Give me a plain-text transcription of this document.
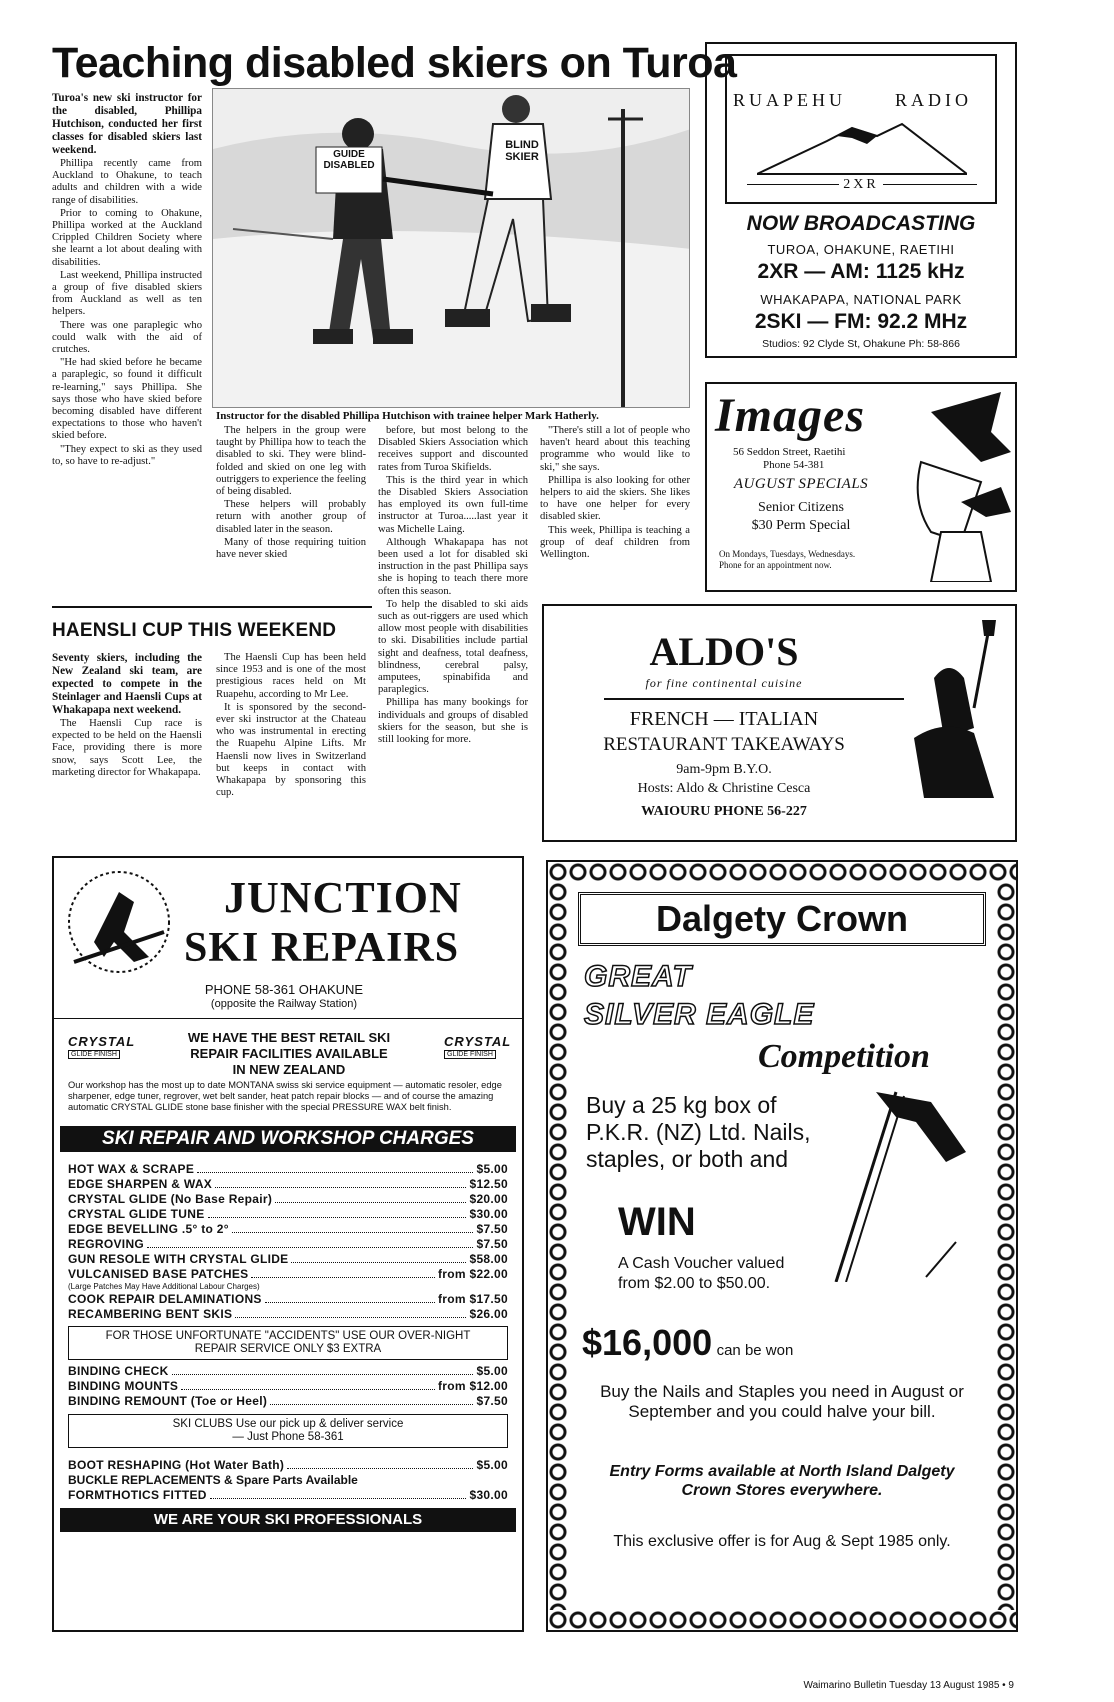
Teaching disabled skiers on Turoa

Turoa's new ski instructor for the disabled, Phillipa Hutchison, conducted her first classes for disabled skiers last weekend.

Phillipa recently came from Auckland to Ohakune, to teach adults and children with a wide range of disabilities.

Prior to coming to Ohakune, Phillipa worked at the Auckland Crippled Children Society where she learnt a lot about dealing with disabilities.

Last weekend, Phillipa instructed a group of five disabled skiers from Auckland as well as ten helpers.

There was one paraplegic who could walk with the aid of crutches.

"He had skied before he became a paraplegic, so found it difficult re-learning," says Phillipa. She says those who have skied before becoming disabled have different expectations to those who haven't skied before.

"They expect to ski as they used to, so have to re-adjust."

GUIDE
DISABLED
BLIND
SKIER
Instructor for the disabled Phillipa Hutchison with trainee helper Mark Hatherly.

The helpers in the group were taught by Phillipa how to teach the disabled to ski. They were blind-folded and skied on one leg with outriggers to experience the feeling of being disabled.

These helpers will probably return with another group of disabled later in the season.

Many of those requiring tuition have never skied

before, but most belong to the Disabled Skiers Association which receives support and discounted rates from Turoa Skifields.

This is the third year in which the Disabled Skiers Association has employed its own full-time instructor at Turoa.....last year it was Michelle Laing.

Although Whakapapa has not been used a lot for disabled ski instruction in the past Phillipa says she is hoping to teach there more often this season.

To help the disabled to ski aids such as out-riggers are used which allow most people with disabilities to ski. Disabilities include partial sight and deafness, total deafness, blindness, cerebral palsy, amputees, spinabifida and paraplegics.

Phillipa has many bookings for individuals and groups of disabled skiers for the season, but she is still looking for more.

"There's still a lot of people who haven't heard about this teaching programme who would like to ski," she says.

Phillipa is also looking for other helpers to aid the skiers. She likes to have one helper for every disabled skier.

This week, Phillipa is teaching a group of deaf children from Wellington.

HAENSLI CUP THIS WEEKEND

Seventy skiers, including the New Zealand ski team, are expected to compete in the Steinlager and Haensli Cups at Whakapapa next weekend.

The Haensli Cup race is expected to be held on the Haensli Face, providing there is more snow, says Scott Lee, the marketing director for Whakapapa.

The Haensli Cup has been held since 1953 and is one of the most prestigious races held on Mt Ruapehu, according to Mr Lee.

It is sponsored by the second-ever ski instructor at the Chateau who was instrumental in erecting the Ruapehu Alpine Lifts. Mr Haensli now lives in Switzerland but keeps in contact with Whakapapa by sponsoring this cup.

RUAPEHU	RADIO
2XR
NOW BROADCASTING
TUROA, OHAKUNE, RAETIHI
2XR — AM: 1125 kHz
WHAKAPAPA, NATIONAL PARK
2SKI — FM: 92.2 MHz
Studios: 92 Clyde St, Ohakune Ph: 58-866
Images
56 Seddon Street, Raetihi
Phone 54-381
AUGUST SPECIALS
Senior Citizens
$30 Perm Special
On Mondays, Tuesdays, Wednesdays.
Phone for an appointment now.
ALDO'S
for fine continental cuisine
FRENCH — ITALIAN
RESTAURANT TAKEAWAYS
9am-9pm B.Y.O.
Hosts: Aldo & Christine Cesca
WAIOURU PHONE 56-227
JUNCTION
SKI REPAIRS
PHONE 58-361 OHAKUNE
(opposite the Railway Station)
CRYSTAL
GLIDE FINISH
CRYSTAL
GLIDE FINISH
WE HAVE THE BEST RETAIL SKI
REPAIR FACILITIES AVAILABLE
IN NEW ZEALAND
Our workshop has the most up to date MONTANA swiss ski service equipment — automatic resoler, edge sharpener, edge tuner, regrover, wet belt sander, heat patch repair blocks — and of course the amazing automatic CRYSTAL GLIDE stone base finisher with the special PRESSURE WAX belt finish.
SKI REPAIR AND WORKSHOP CHARGES
HOT WAX & SCRAPE	$5.00
EDGE SHARPEN & WAX	$12.50
CRYSTAL GLIDE (No Base Repair)	$20.00
CRYSTAL GLIDE TUNE	$30.00
EDGE BEVELLING .5° to 2°	$7.50
REGROVING	$7.50
GUN RESOLE WITH CRYSTAL GLIDE	$58.00
VULCANISED BASE PATCHES	from $22.00
(Large Patches May Have Additional Labour Charges)
COOK REPAIR DELAMINATIONS	from $17.50
RECAMBERING BENT SKIS	$26.00
FOR THOSE UNFORTUNATE "ACCIDENTS" USE OUR OVER-NIGHT REPAIR SERVICE ONLY $3 EXTRA
BINDING CHECK	$5.00
BINDING MOUNTS	from $12.00
BINDING REMOUNT (Toe or Heel)	$7.50
SKI CLUBS Use our pick up & deliver service
— Just Phone 58-361
BOOT RESHAPING (Hot Water Bath)	$5.00
BUCKLE REPLACEMENTS & Spare Parts Available
FORMTHOTICS FITTED	$30.00
WE ARE YOUR SKI PROFESSIONALS
Dalgety Crown
GREAT
SILVER EAGLE
Competition
Buy a 25 kg box of P.K.R. (NZ) Ltd. Nails, staples, or both and
WIN
A Cash Voucher valued from $2.00 to $50.00.
$16,000 can be won
Buy the Nails and Staples you need in August or September and you could halve your bill.
Entry Forms available at North Island Dalgety Crown Stores everywhere.
This exclusive offer is for Aug & Sept 1985 only.
Waimarino Bulletin Tuesday 13 August 1985 • 9
